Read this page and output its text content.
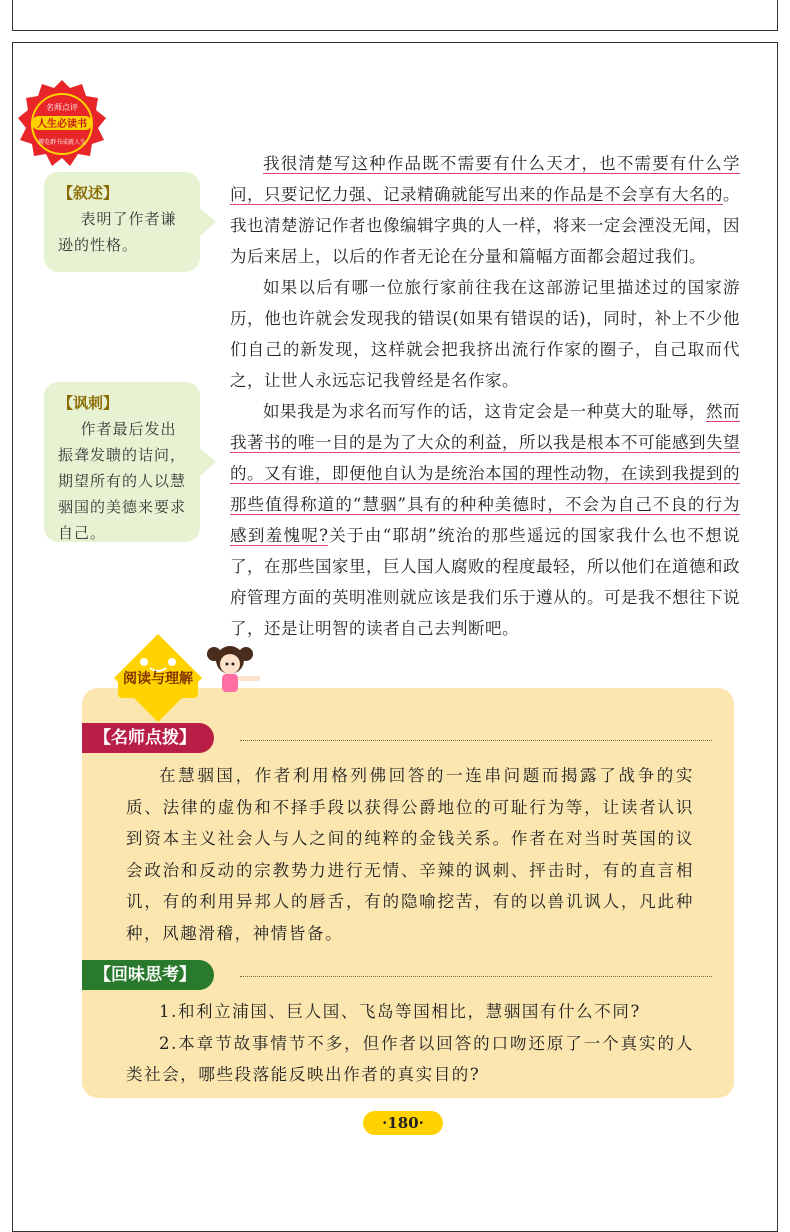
名师点评
人生必读书
博览群书成就人生
【叙述】
表明了作者谦逊的性格。
【讽刺】
作者最后发出振聋发聩的诘问，期望所有的人以慧骃国的美德来要求自己。

我很清楚写这种作品既不需要有什么天才，也不需要有什么学问，只要记忆力强、记录精确就能写出来的作品是不会享有大名的。我也清楚游记作者也像编辑字典的人一样，将来一定会湮没无闻，因为后来居上，以后的作者无论在分量和篇幅方面都会超过我们。

如果以后有哪一位旅行家前往我在这部游记里描述过的国家游历，他也许就会发现我的错误(如果有错误的话)，同时，补上不少他们自己的新发现，这样就会把我挤出流行作家的圈子，自己取而代之，让世人永远忘记我曾经是名作家。

如果我是为求名而写作的话，这肯定会是一种莫大的耻辱，然而我著书的唯一目的是为了大众的利益，所以我是根本不可能感到失望的。又有谁，即便他自认为是统治本国的理性动物，在读到我提到的那些值得称道的“慧骃”具有的种种美德时，不会为自己不良的行为感到羞愧呢?关于由“耶胡”统治的那些遥远的国家我什么也不想说了，在那些国家里，巨人国人腐败的程度最轻，所以他们在道德和政府管理方面的英明准则就应该是我们乐于遵从的。可是我不想往下说了，还是让明智的读者自己去判断吧。

阅读与理解
【名师点拨】

在慧骃国，作者利用格列佛回答的一连串问题而揭露了战争的实质、法律的虚伪和不择手段以获得公爵地位的可耻行为等，让读者认识到资本主义社会人与人之间的纯粹的金钱关系。作者在对当时英国的议会政治和反动的宗教势力进行无情、辛辣的讽刺、抨击时，有的直言相讥，有的利用异邦人的唇舌，有的隐喻挖苦，有的以兽讥讽人，凡此种种，风趣滑稽，神情皆备。

【回味思考】

1.和利立浦国、巨人国、飞岛等国相比，慧骃国有什么不同?

2.本章节故事情节不多，但作者以回答的口吻还原了一个真实的人类社会，哪些段落能反映出作者的真实目的?

·180·
